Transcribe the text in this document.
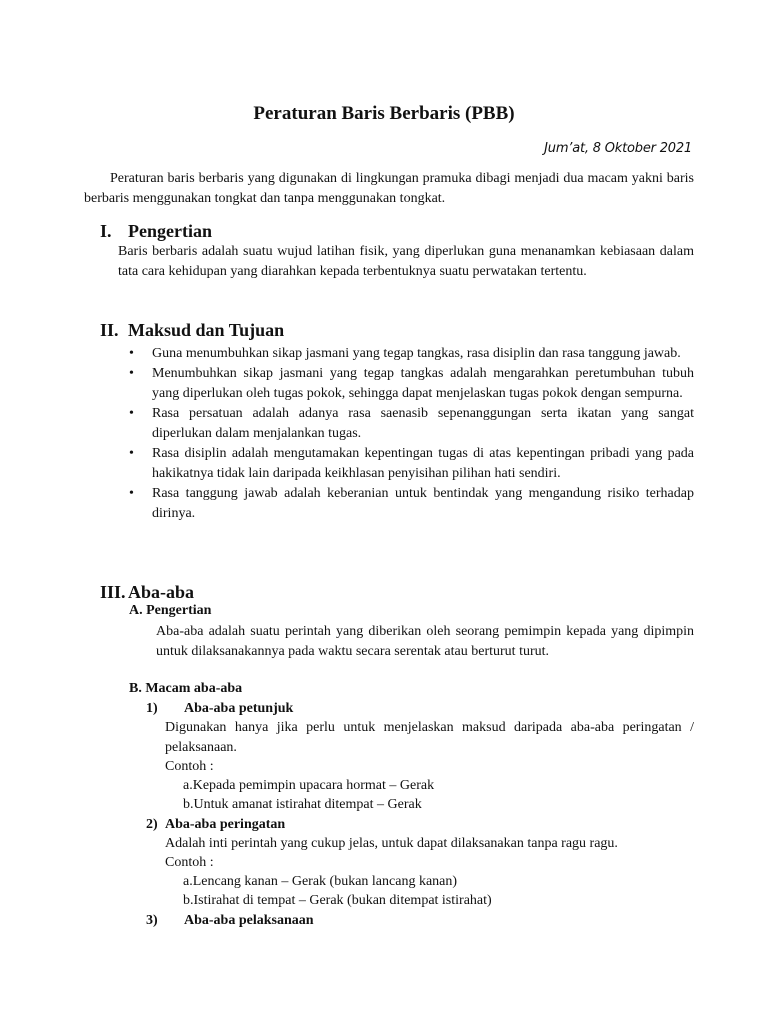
Peraturan Baris Berbaris (PBB)
Jum’at, 8 Oktober 2021

Peraturan baris berbaris yang digunakan di lingkungan pramuka dibagi menjadi dua macam yakni baris berbaris menggunakan tongkat dan tanpa menggunakan tongkat.

I. Pengertian
Baris berbaris adalah suatu wujud latihan fisik, yang diperlukan guna menanamkan kebiasaan dalam tata cara kehidupan yang diarahkan kepada terbentuknya suatu perwatakan tertentu.
II. Maksud dan Tujuan
• Guna menumbuhkan sikap jasmani yang tegap tangkas, rasa disiplin dan rasa tanggung jawab.
• Menumbuhkan sikap jasmani yang tegap tangkas adalah mengarahkan peretumbuhan tubuh yang diperlukan oleh tugas pokok, sehingga dapat menjelaskan tugas pokok dengan sempurna.
• Rasa persatuan adalah adanya rasa saenasib sepenanggungan serta ikatan yang sangat diperlukan dalam menjalankan tugas.
• Rasa disiplin adalah mengutamakan kepentingan tugas di atas kepentingan pribadi yang pada hakikatnya tidak lain daripada keikhlasan penyisihan pilihan hati sendiri.
• Rasa tanggung jawab adalah keberanian untuk bentindak yang mengandung risiko terhadap dirinya.
III. Aba-aba
A. Pengertian
Aba-aba adalah suatu perintah yang diberikan oleh seorang pemimpin kepada yang dipimpin untuk dilaksanakannya pada waktu secara serentak atau berturut turut.
B. Macam aba-aba
1) Aba-aba petunjuk
Digunakan hanya jika perlu untuk menjelaskan maksud daripada aba-aba peringatan / pelaksanaan.
Contoh :
a.Kepada pemimpin upacara hormat – Gerak
b.Untuk amanat istirahat ditempat – Gerak
2) Aba-aba peringatan
Adalah inti perintah yang cukup jelas, untuk dapat dilaksanakan tanpa ragu ragu.
Contoh :
a.Lencang kanan – Gerak (bukan lancang kanan)
b.Istirahat di tempat – Gerak (bukan ditempat istirahat)
3) Aba-aba pelaksanaan
